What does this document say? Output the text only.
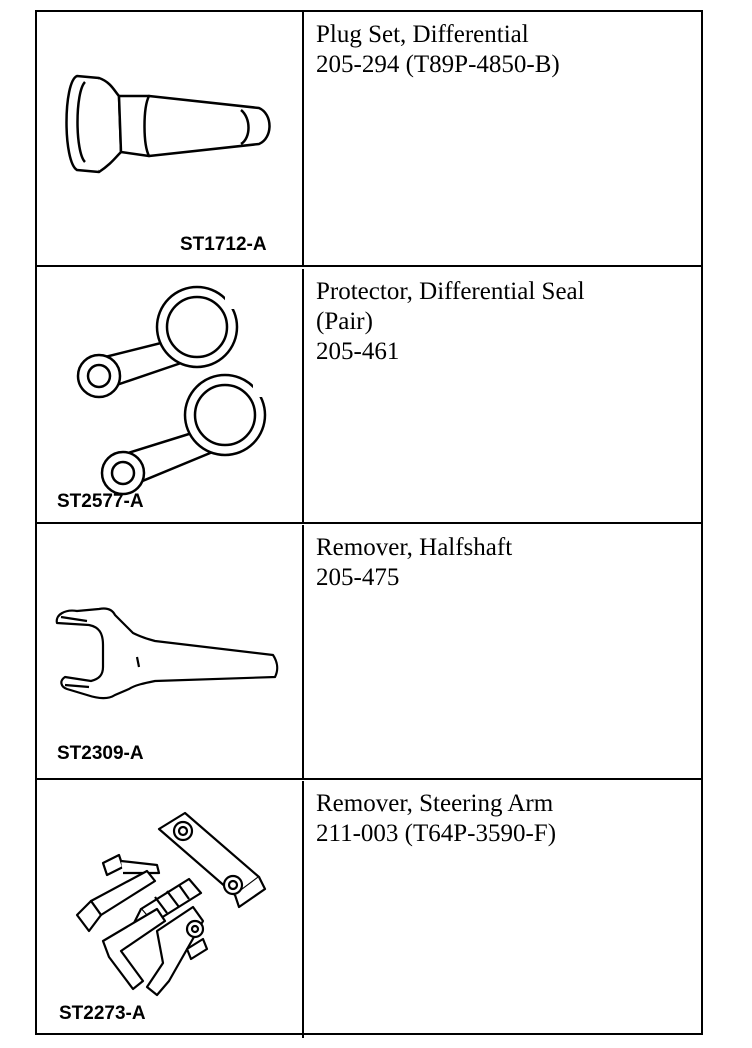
ST1712-A
Plug Set, Differential
205-294 (T89P-4850-B)
ST2577-A
Protector, Differential Seal
(Pair)
205-461
ST2309-A
Remover, Halfshaft
205-475
ST2273-A
Remover, Steering Arm
211-003 (T64P-3590-F)
